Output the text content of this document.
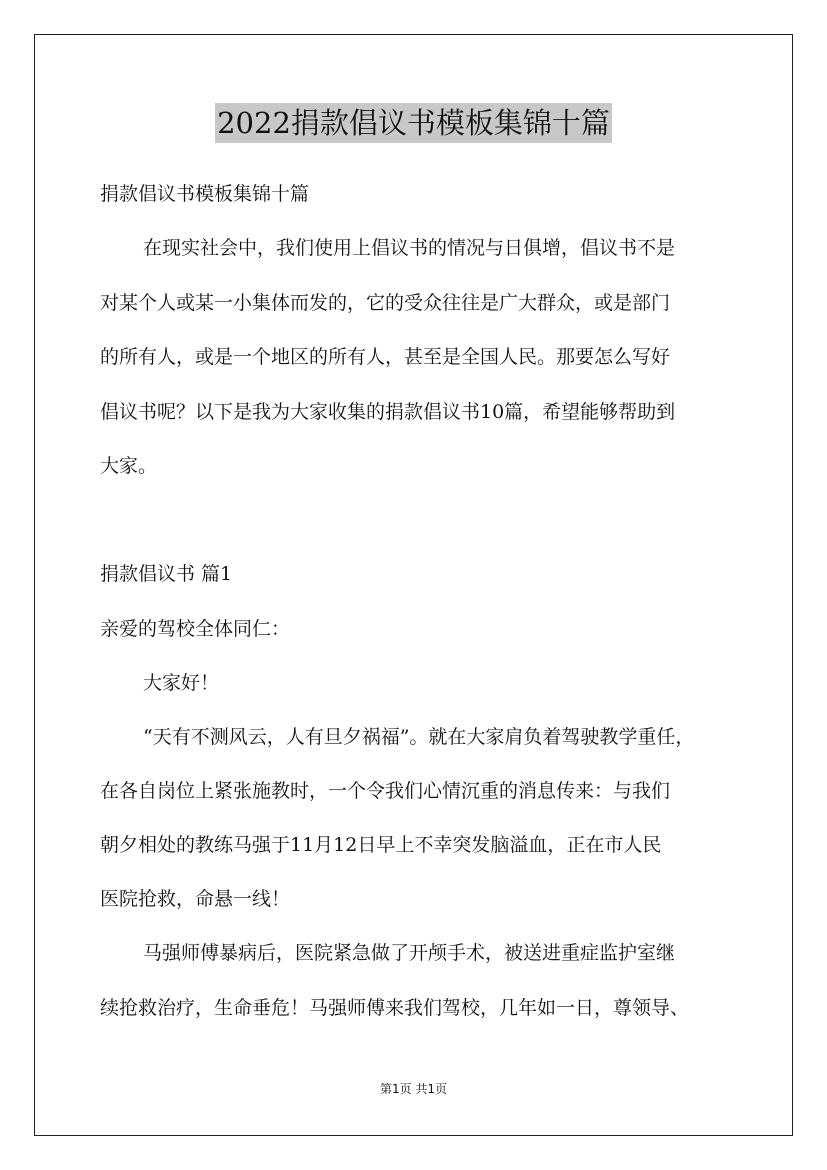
2022捐款倡议书模板集锦十篇
捐款倡议书模板集锦十篇
在现实社会中，我们使用上倡议书的情况与日俱增，倡议书不是
对某个人或某一小集体而发的，它的受众往往是广大群众，或是部门
的所有人，或是一个地区的所有人，甚至是全国人民。那要怎么写好
倡议书呢？以下是我为大家收集的捐款倡议书10篇，希望能够帮助到
大家。
捐款倡议书 篇1
亲爱的驾校全体同仁：
大家好！
“天有不测风云，人有旦夕祸福”。就在大家肩负着驾驶教学重任，
在各自岗位上紧张施教时，一个令我们心情沉重的消息传来：与我们
朝夕相处的教练马强于11月12日早上不幸突发脑溢血，正在市人民
医院抢救，命悬一线！
马强师傅暴病后，医院紧急做了开颅手术，被送进重症监护室继
续抢救治疗，生命垂危！马强师傅来我们驾校，几年如一日，尊领导、
第1页 共1页
